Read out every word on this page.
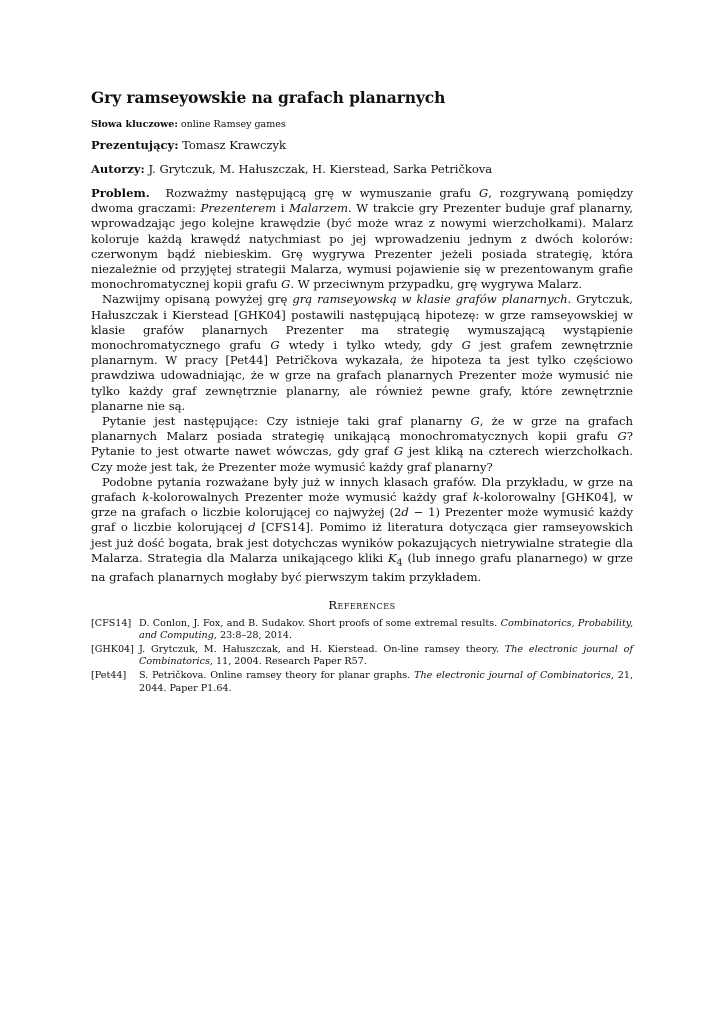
Gry ramseyowskie na grafach planarnych

Słowa kluczowe: online Ramsey games

Prezentujący: Tomasz Krawczyk

Autorzy: J. Grytczuk, M. Hałuszczak, H. Kierstead, Sarka Petričkova

Problem. Rozważmy następującą grę w wymuszanie grafu G, rozgrywaną pomiędzy dwoma graczami: Prezenterem i Malarzem. W trakcie gry Prezenter buduje graf planarny, wprowadzając jego kolejne krawędzie (być może wraz z nowymi wierzchołkami). Malarz koloruje każdą krawędź natychmiast po jej wprowadzeniu jednym z dwóch kolorów: czerwonym bądź niebieskim. Grę wygrywa Prezenter jeżeli posiada strategię, która niezależnie od przyjętej strategii Malarza, wymusi pojawienie się w prezentowanym grafie monochromatycznej kopii grafu G. W przeciwnym przypadku, grę wygrywa Malarz.

Nazwijmy opisaną powyżej grę grą ramseyowską w klasie grafów planarnych. Grytczuk, Hałuszczak i Kierstead [GHK04] postawili następującą hipotezę: w grze ramseyowskiej w klasie grafów planarnych Prezenter ma strategię wymuszającą wystąpienie monochromatycznego grafu G wtedy i tylko wtedy, gdy G jest grafem zewnętrznie planarnym. W pracy [Pet44] Petričkova wykazała, że hipoteza ta jest tylko częściowo prawdziwa udowadniając, że w grze na grafach planarnych Prezenter może wymusić nie tylko każdy graf zewnętrznie planarny, ale również pewne grafy, które zewnętrznie planarne nie są.

Pytanie jest następujące: Czy istnieje taki graf planarny G, że w grze na grafach planarnych Malarz posiada strategię unikającą monochromatycznych kopii grafu G? Pytanie to jest otwarte nawet wówczas, gdy graf G jest kliką na czterech wierzchołkach. Czy może jest tak, że Prezenter może wymusić każdy graf planarny?

Podobne pytania rozważane były już w innych klasach grafów. Dla przykładu, w grze na grafach k-kolorowalnych Prezenter może wymusić każdy graf k-kolorowalny [GHK04], w grze na grafach o liczbie kolorującej co najwyżej (2d − 1) Prezenter może wymusić każdy graf o liczbie kolorującej d [CFS14]. Pomimo iż literatura dotycząca gier ramseyowskich jest już dość bogata, brak jest dotychczas wyników pokazujących nietrywialne strategie dla Malarza. Strategia dla Malarza unikającego kliki $K_4$ (lub innego grafu planarnego) w grze na grafach planarnych mogłaby być pierwszym takim przykładem.

References
[CFS14] D. Conlon, J. Fox, and B. Sudakov. Short proofs of some extremal results. Combinatorics, Probability, and Computing, 23:8–28, 2014.
[GHK04] J. Grytczuk, M. Hałuszczak, and H. Kierstead. On-line ramsey theory. The electronic journal of Combinatorics, 11, 2004. Research Paper R57.
[Pet44]	S. Petričkova. Online ramsey theory for planar graphs. The electronic journal of Combinatorics, 21, 2044. Paper P1.64.
